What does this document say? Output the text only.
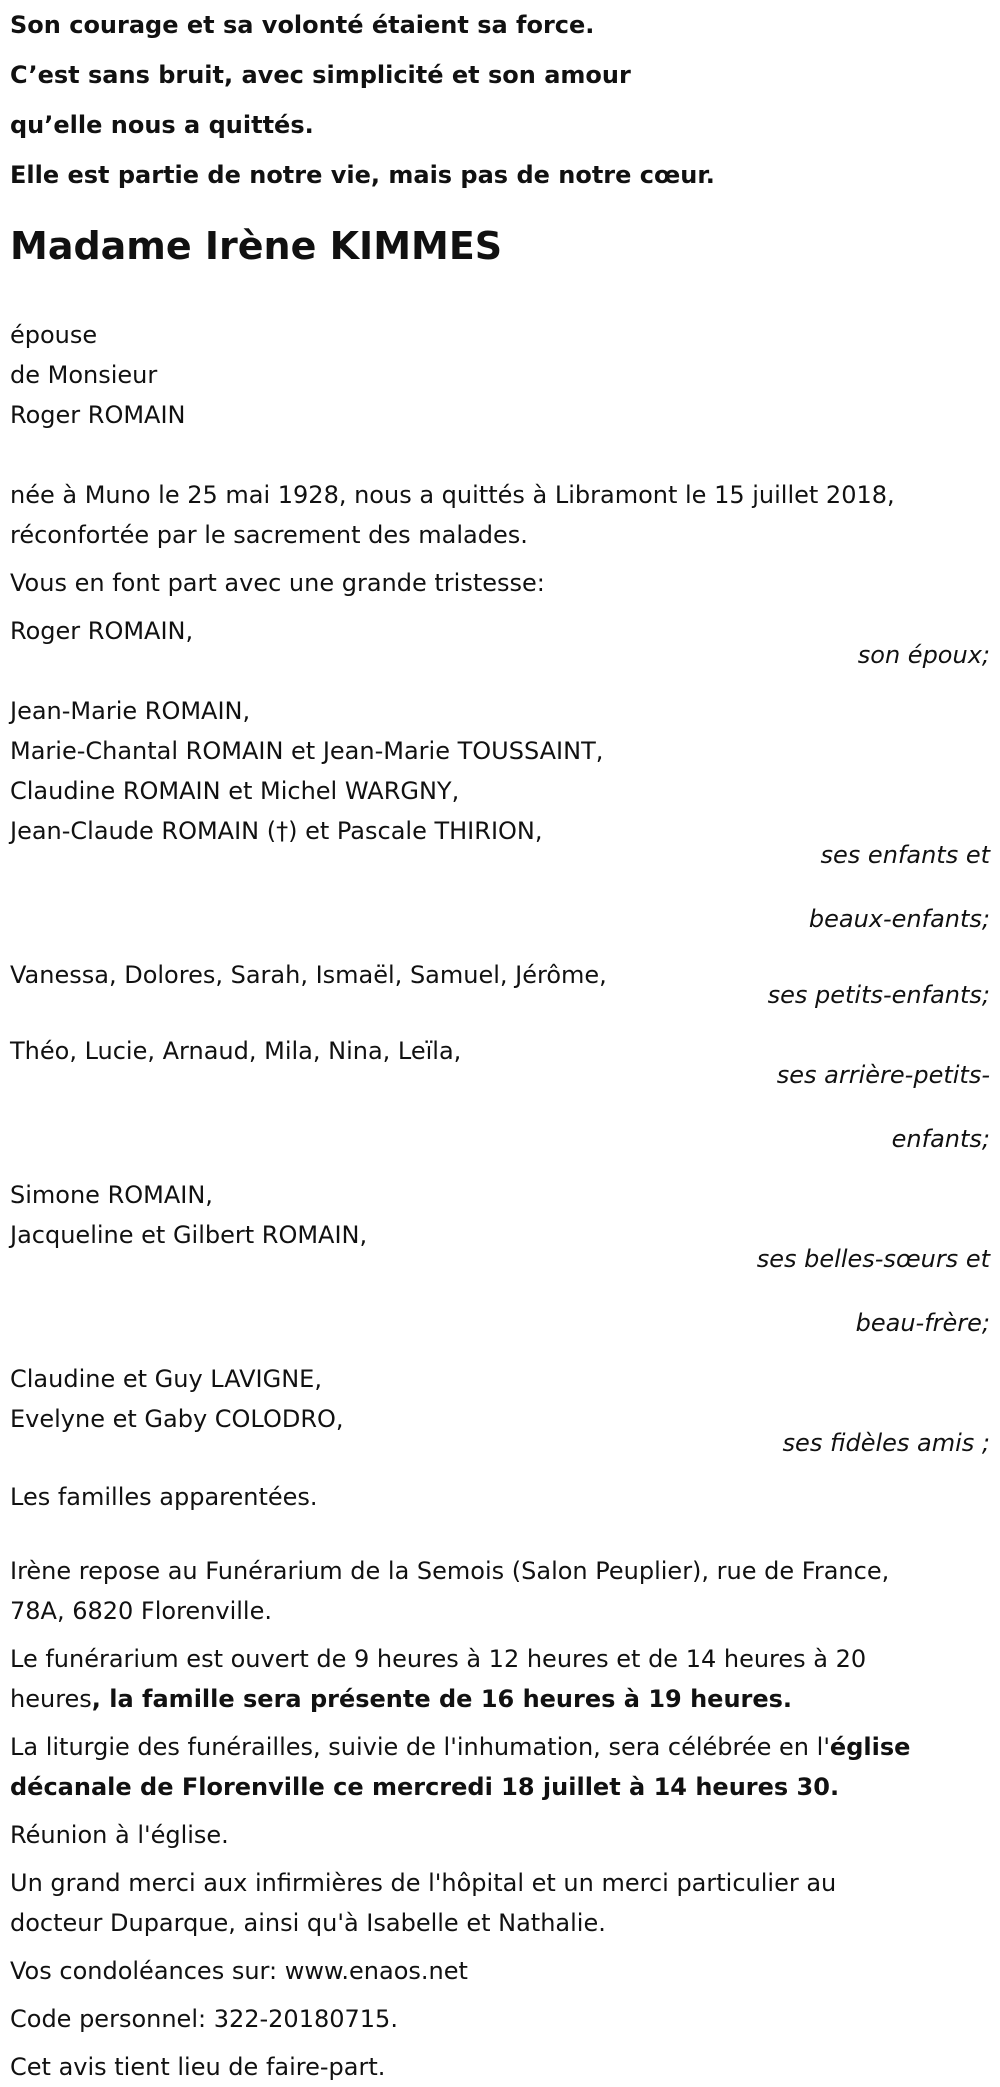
Son courage et sa volonté étaient sa force.

C’est sans bruit, avec simplicité et son amour

qu’elle nous a quittés.

Elle est partie de notre vie, mais pas de notre cœur.

Madame Irène KIMMES

épouse

de Monsieur

Roger ROMAIN

née à Muno le 25 mai 1928, nous a quittés à Libramont le 15 juillet 2018,

réconfortée par le sacrement des malades.

Vous en font part avec une grande tristesse:

Roger ROMAIN,

son époux;

Jean-Marie ROMAIN,

Marie-Chantal ROMAIN et Jean-Marie TOUSSAINT,

Claudine ROMAIN et Michel WARGNY,

Jean-Claude ROMAIN (†) et Pascale THIRION,

ses enfants et

beaux-enfants;

Vanessa, Dolores, Sarah, Ismaël, Samuel, Jérôme,

ses petits-enfants;

Théo, Lucie, Arnaud, Mila, Nina, Leïla,

ses arrière-petits-

enfants;

Simone ROMAIN,

Jacqueline et Gilbert ROMAIN,

ses belles-sœurs et

beau-frère;

Claudine et Guy LAVIGNE,

Evelyne et Gaby COLODRO,

ses fidèles amis ;

Les familles apparentées.

Irène repose au Funérarium de la Semois (Salon Peuplier), rue de France,
78A, 6820 Florenville.
Le funérarium est ouvert de 9 heures à 12 heures et de 14 heures à 20
heures, la famille sera présente de 16 heures à 19 heures.
La liturgie des funérailles, suivie de l'inhumation, sera célébrée en l'église
décanale de Florenville ce mercredi 18 juillet à 14 heures 30.

Réunion à l'église.

Un grand merci aux infirmières de l'hôpital et un merci particulier au
docteur Duparque, ainsi qu'à Isabelle et Nathalie.

Vos condoléances sur: www.enaos.net

Code personnel: 322-20180715.

Cet avis tient lieu de faire-part.
